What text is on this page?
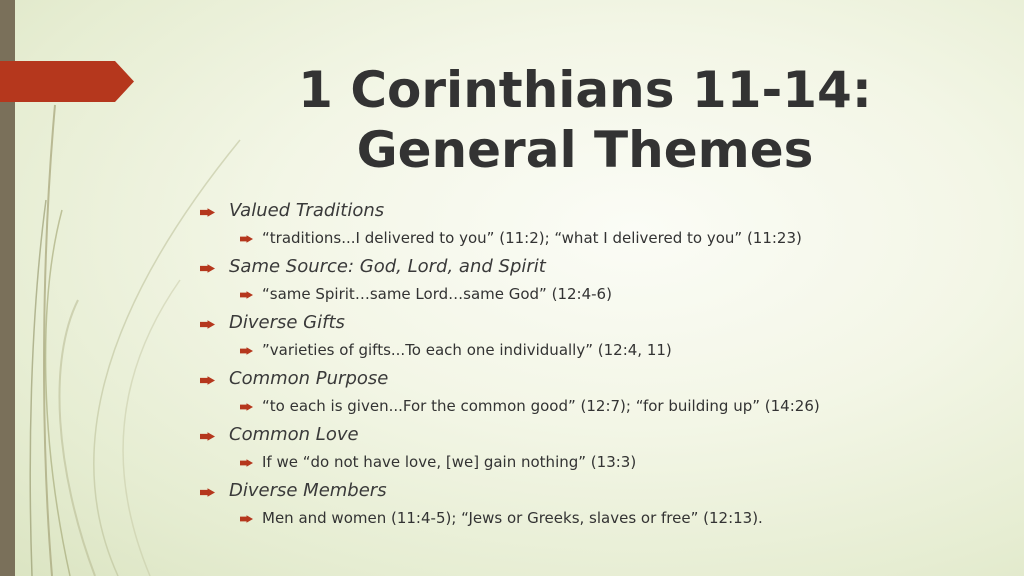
1 Corinthians 11-14:
General Themes
Valued Traditions
“traditions...I delivered to you” (11:2); “what I delivered to you” (11:23)
Same Source: God, Lord, and Spirit
“same Spirit…same Lord…same God” (12:4-6)
Diverse Gifts
”varieties of gifts...To each one individually” (12:4, 11)
Common Purpose
“to each is given...For the common good” (12:7); “for building up” (14:26)
Common Love
If we “do not have love, [we] gain nothing” (13:3)
Diverse Members
Men and women (11:4-5); “Jews or Greeks, slaves or free” (12:13).
